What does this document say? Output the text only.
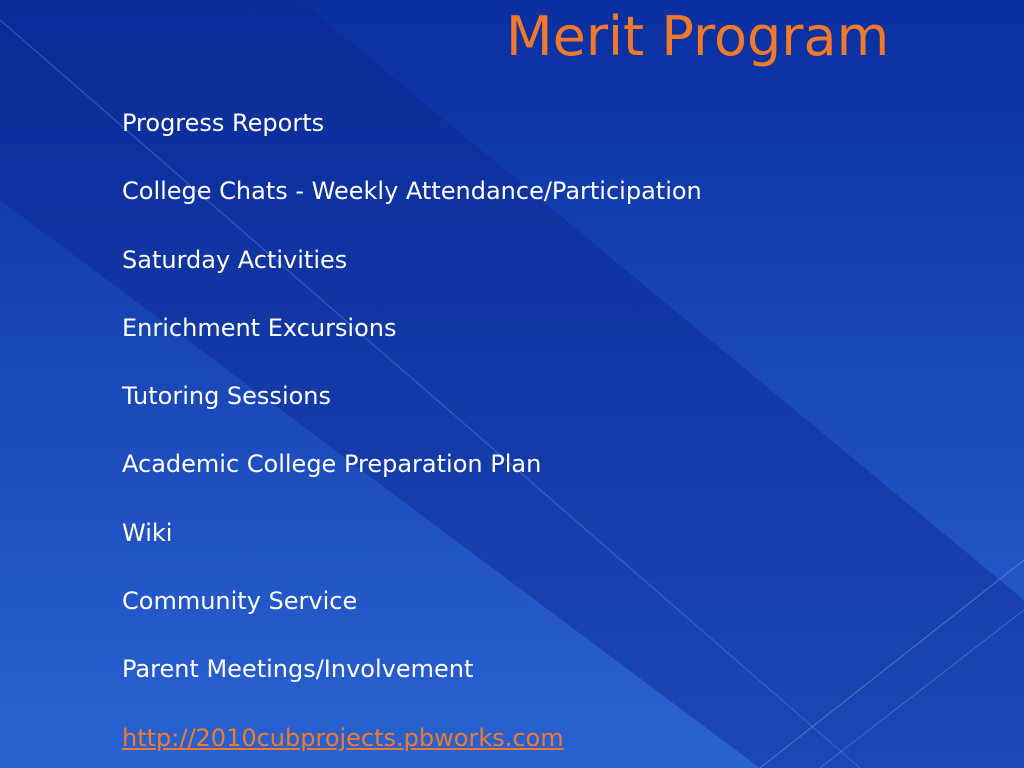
Merit Program
Progress Reports
College Chats - Weekly Attendance/Participation
Saturday Activities
Enrichment Excursions
Tutoring Sessions
Academic College Preparation Plan
Wiki
Community Service
Parent Meetings/Involvement
http://2010cubprojects.pbworks.com
